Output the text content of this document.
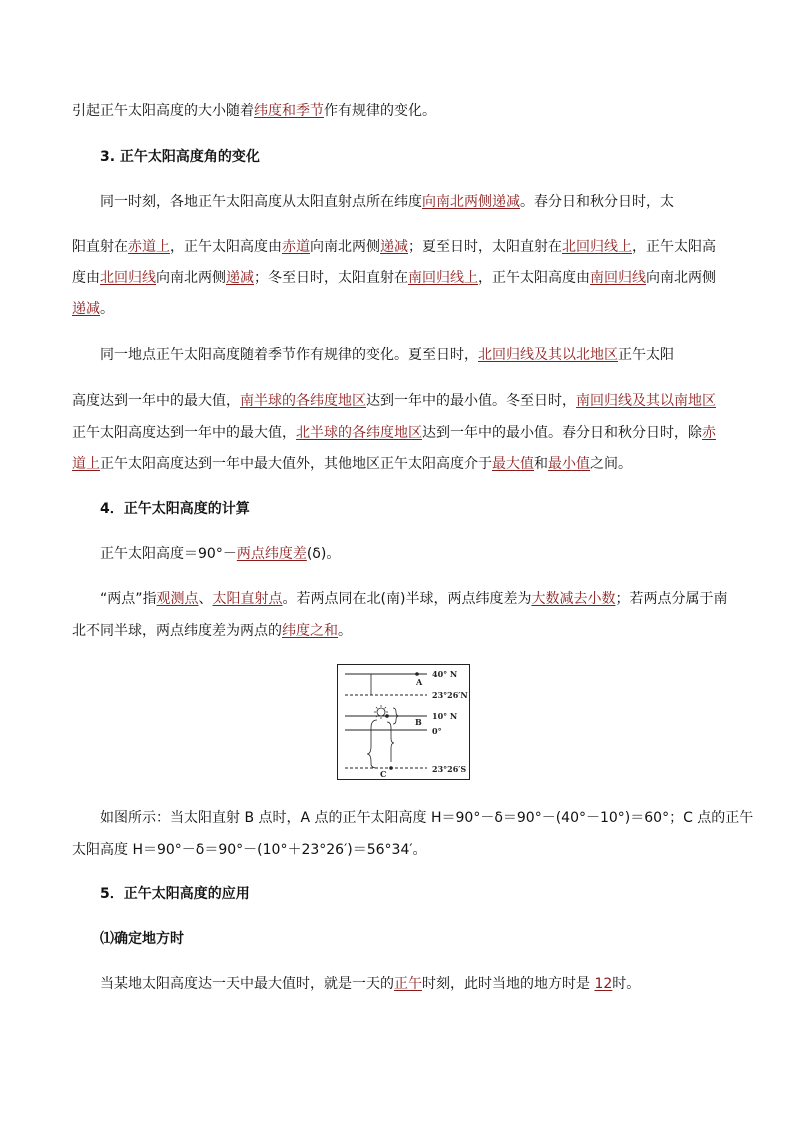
引起正午太阳高度的大小随着纬度和季节作有规律的变化。
3. 正午太阳高度角的变化
同一时刻，各地正午太阳高度从太阳直射点所在纬度向南北两侧递减。春分日和秋分日时，太
阳直射在赤道上，正午太阳高度由赤道向南北两侧递减；夏至日时，太阳直射在北回归线上，正午太阳高
度由北回归线向南北两侧递减；冬至日时，太阳直射在南回归线上，正午太阳高度由南回归线向南北两侧
递减。
同一地点正午太阳高度随着季节作有规律的变化。夏至日时，北回归线及其以北地区正午太阳
高度达到一年中的最大值，南半球的各纬度地区达到一年中的最小值。冬至日时，南回归线及其以南地区
正午太阳高度达到一年中的最大值，北半球的各纬度地区达到一年中的最小值。春分日和秋分日时，除赤
道上正午太阳高度达到一年中最大值外，其他地区正午太阳高度介于最大值和最小值之间。
4．正午太阳高度的计算
正午太阳高度＝90°－两点纬度差(δ)。
“两点”指观测点、太阳直射点。若两点同在北(南)半球，两点纬度差为大数减去小数；若两点分属于南
北不同半球，两点纬度差为两点的纬度之和。
A
B
C
40° N
23°26′N
10° N
0°
23°26′S
如图所示：当太阳直射 B 点时，A 点的正午太阳高度 H＝90°－δ＝90°－(40°－10°)＝60°；C 点的正午
太阳高度 H＝90°－δ＝90°－(10°＋23°26′)＝56°34′。
5．正午太阳高度的应用
⑴确定地方时
当某地太阳高度达一天中最大值时，就是一天的正午时刻，此时当地的地方时是 12时。
